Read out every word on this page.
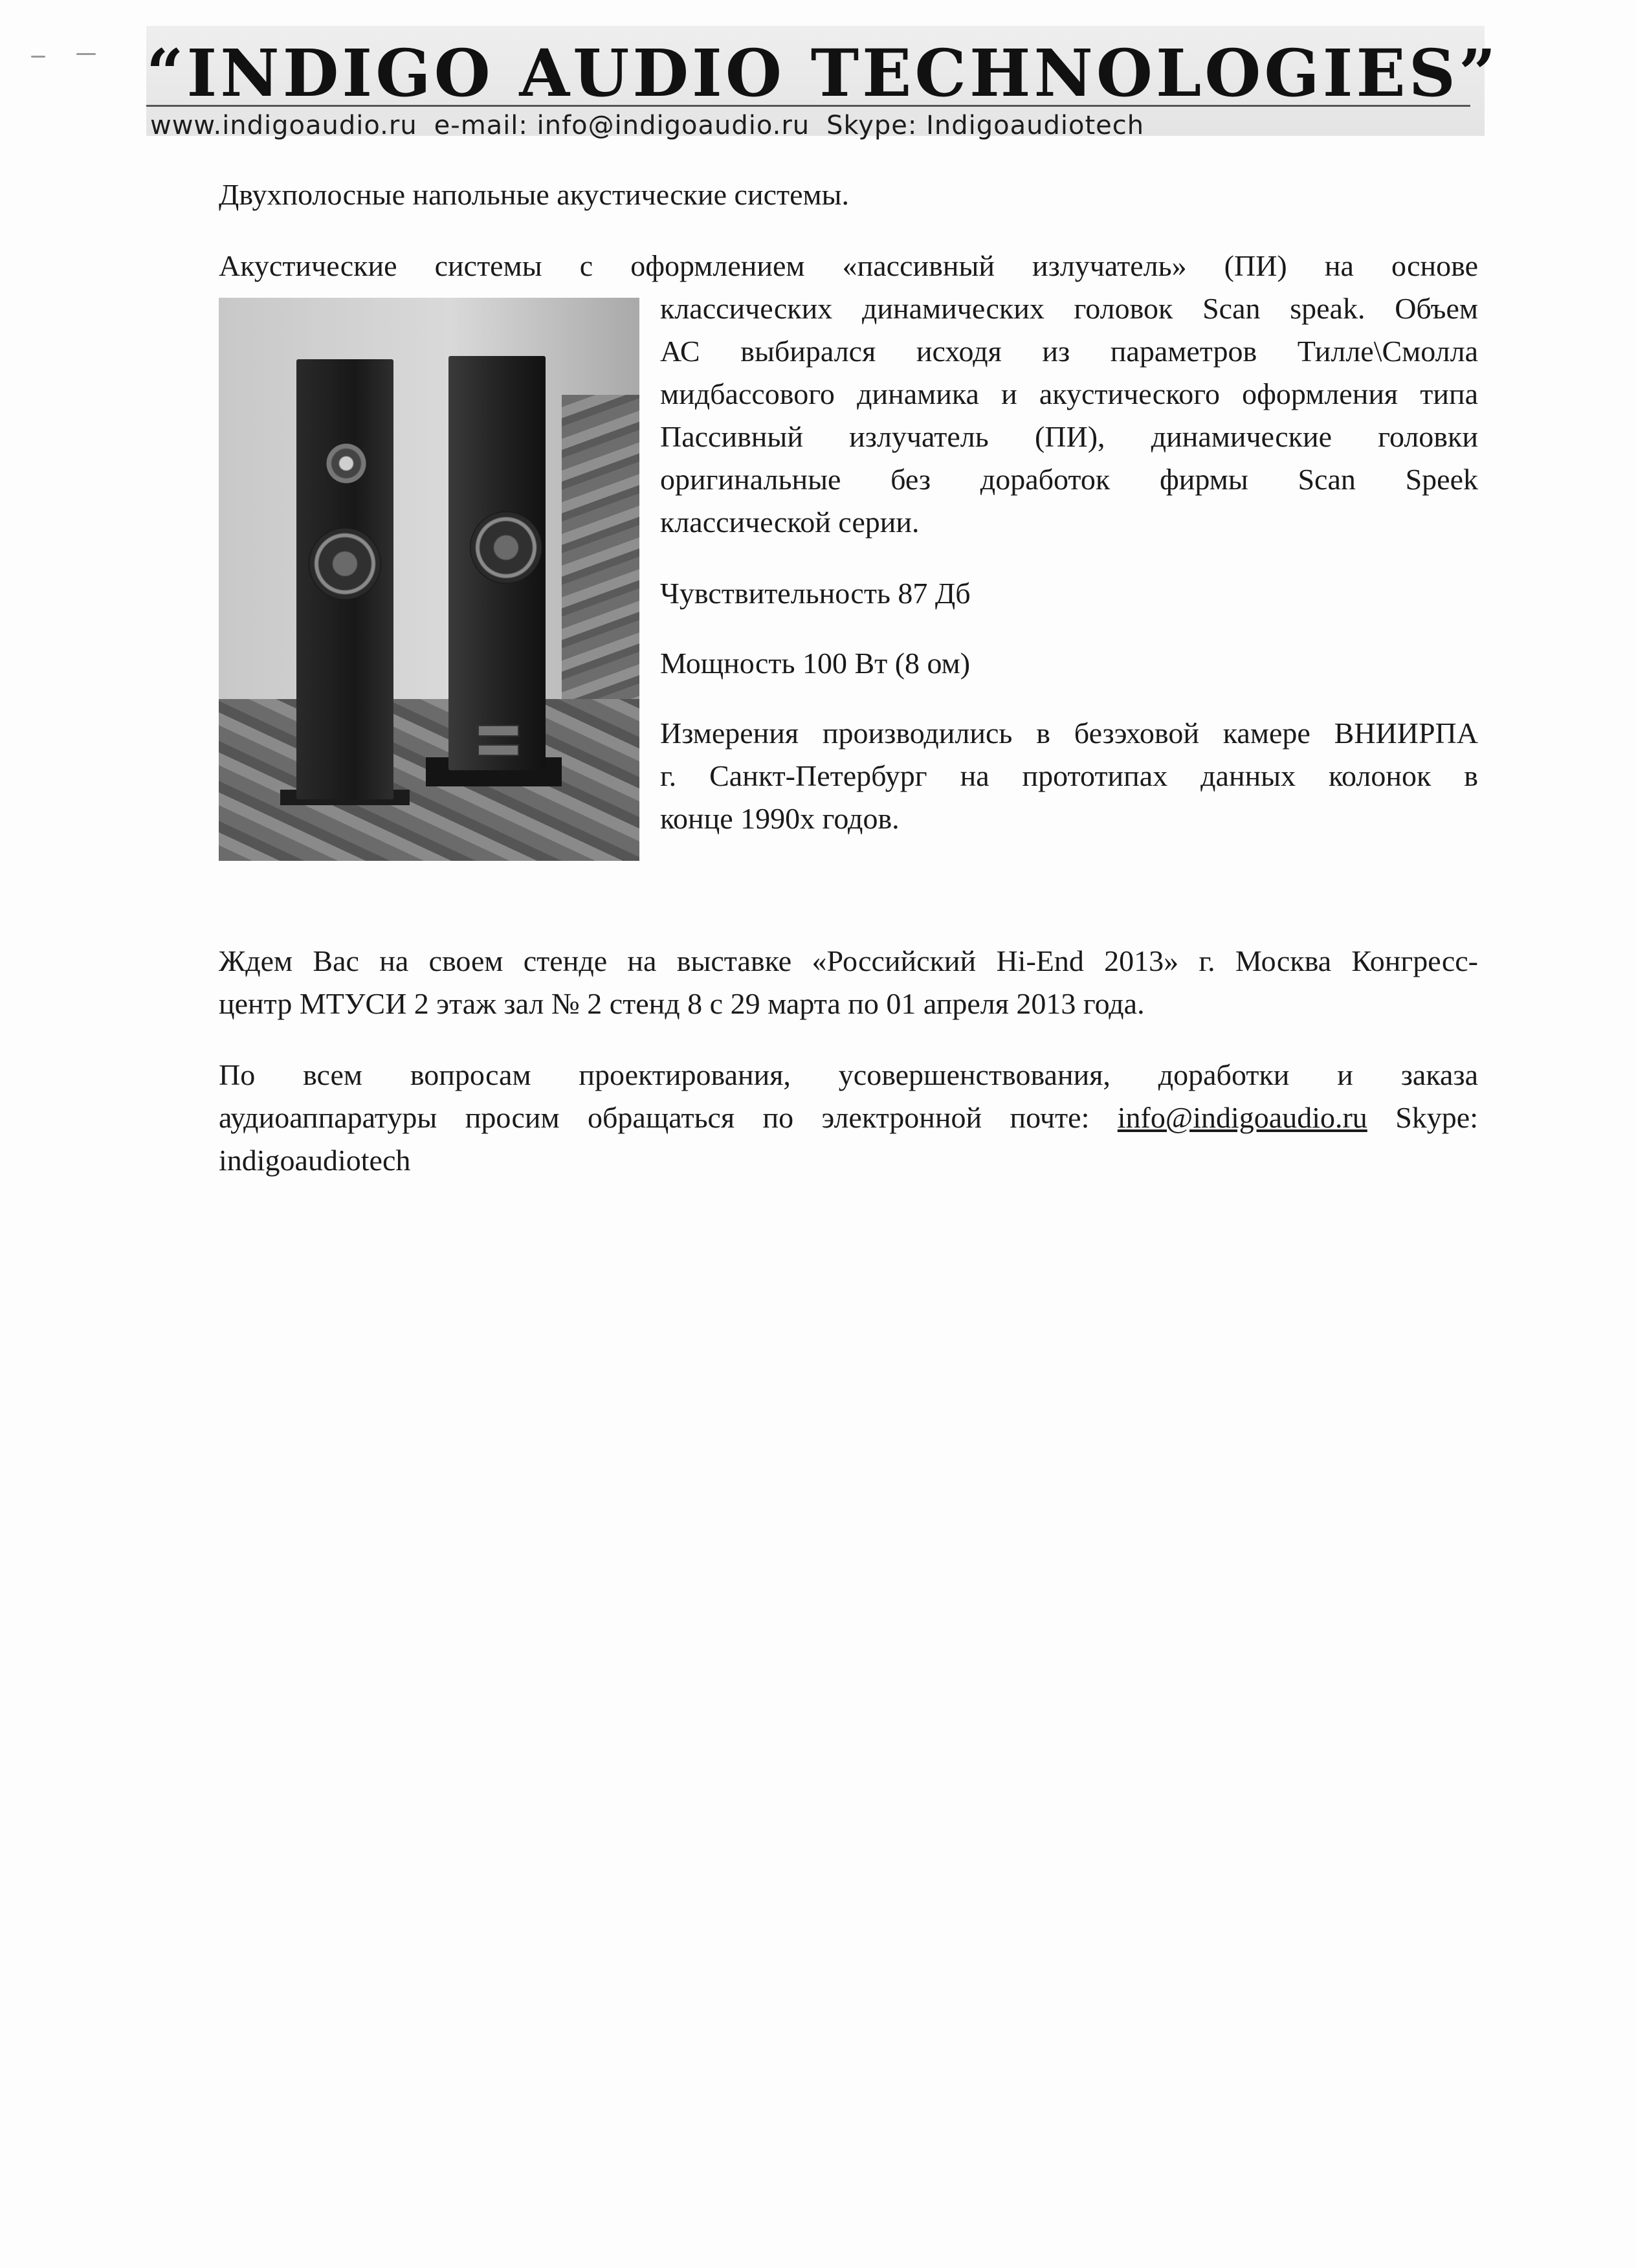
“INDIGO AUDIO TECHNOLOGIES”
www.indigoaudio.ru e-mail: info@indigoaudio.ru Skype: Indigoaudiotech
Двухполосные напольные акустические системы.
Акустические системы с оформлением «пассивный излучатель» (ПИ) на основе
классических динамических головок Scan speak. Объем
АС выбирался исходя из параметров Тилле\Смолла
мидбассового динамика и акустического оформления типа
Пассивный излучатель (ПИ), динамические головки
оригинальные без доработок фирмы Scan Speek
классической серии.
Чувствительность 87 Дб
Мощность 100 Вт (8 ом)
Измерения производились в безэховой камере ВНИИРПА
г. Санкт-Петербург на прототипах данных колонок в
конце 1990х годов.
Ждем Вас на своем стенде на выставке «Российский Hi-End 2013» г. Москва Конгресс-
центр МТУСИ 2 этаж зал № 2 стенд 8 с 29 марта по 01 апреля 2013 года.
По всем вопросам проектирования, усовершенствования, доработки и заказа
аудиоаппаратуры просим обращаться по электронной почте: info@indigoaudio.ru Skype:
indigoaudiotech
